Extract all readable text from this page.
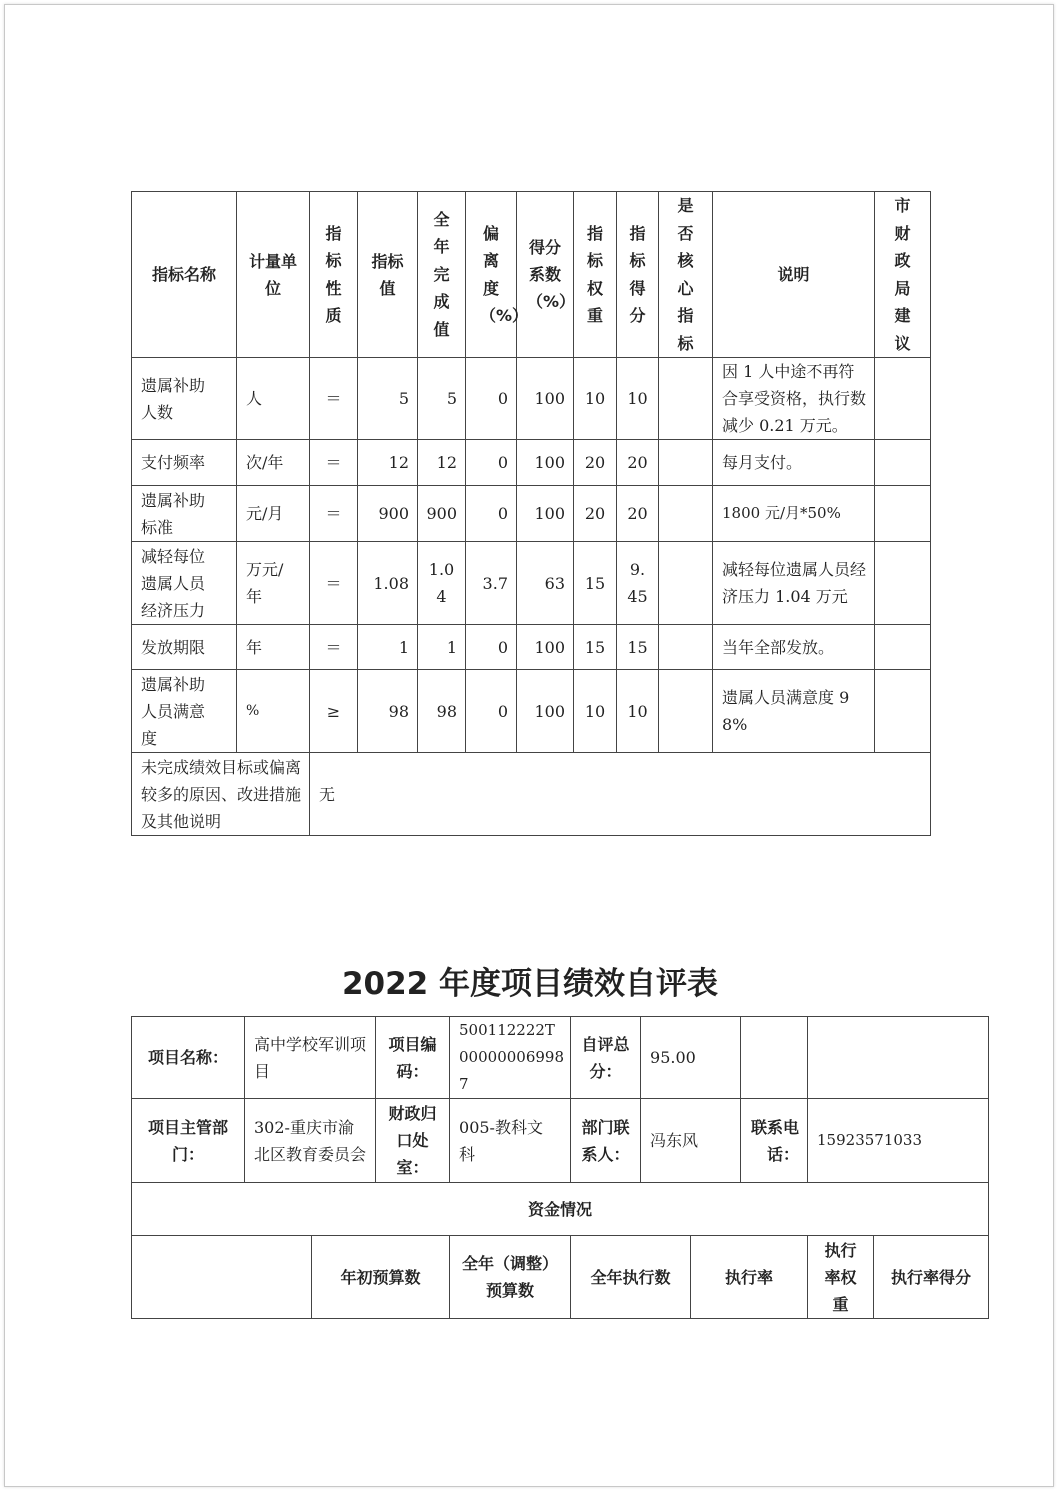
指标名称	计量单位	指标性质	指标值	全年完成值	偏离度（%）	得分系数（%）	指标权重	指标得分	是否核心指标	说明	市财政局建议
遗属补助人数	人	＝	5	5	0	100	10	10		因 1 人中途不再符合享受资格，执行数减少 0.21 万元。	
支付频率	次/年	＝	12	12	0	100	20	20		每月支付。	
遗属补助标准	元/月	＝	900	900	0	100	20	20		1800 元/月*50%	
减轻每位遗属人员经济压力	万元/年	＝	1.08	1.04	3.7	63	15	9.45		减轻每位遗属人员经济压力 1.04 万元	
发放期限	年	＝	1	1	0	100	15	15		当年全部发放。	
遗属补助人员满意度	%	≥	98	98	0	100	10	10		遗属人员满意度 98%	
未完成绩效目标或偏离较多的原因、改进措施及其他说明		无									
2022 年度项目绩效自评表
项目名称：	高中学校军训项目		项目编码：	500112222T000000069987	自评总分：	95.00				
项目主管部门：	302-重庆市渝北区教育委员会		财政归口处室：	005-教科文科	部门联系人：	冯东风		联系电话：	15923571033	
资金情况										
		年初预算数		全年（调整）预算数	全年执行数		执行率		执行率权重	执行率得分
